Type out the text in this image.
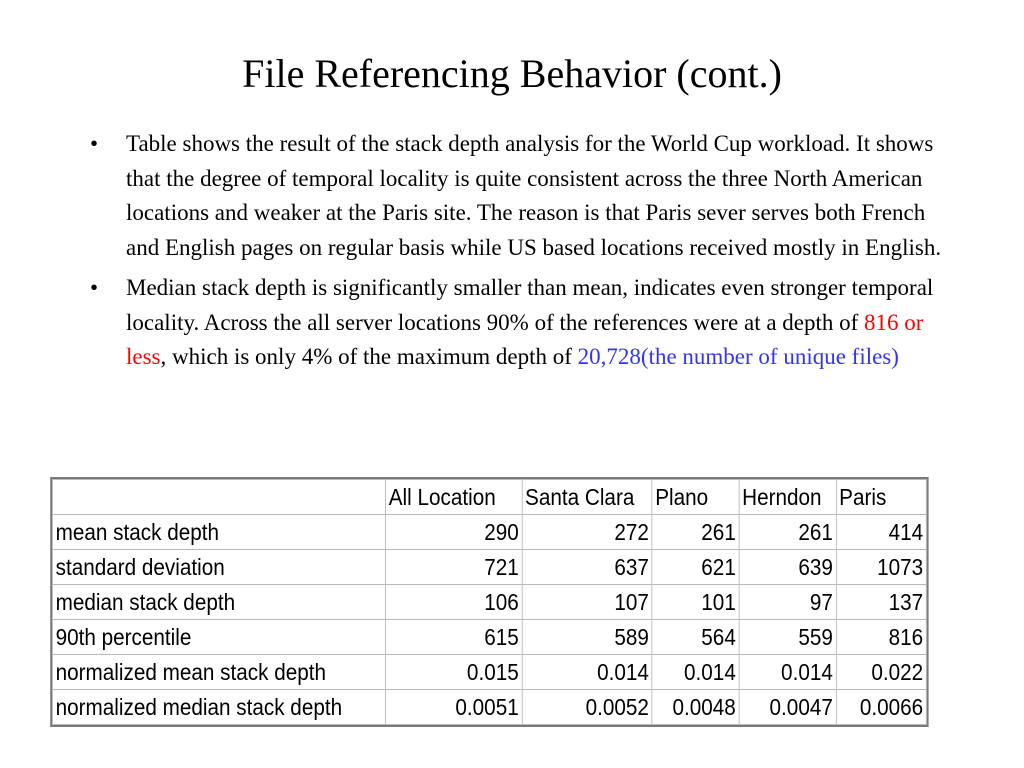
File Referencing Behavior (cont.)
• Table shows the result of the stack depth analysis for the World Cup workload. It shows that the degree of temporal locality is quite consistent across the three North American locations and weaker at the Paris site. The reason is that Paris sever serves both French and English pages on regular basis while US based locations received mostly in English.
• Median stack depth is significantly smaller than mean, indicates even stronger temporal locality. Across the all server locations 90% of the references were at a depth of 816 or less, which is only 4% of the maximum depth of 20,728(the number of unique files)
	All Location	Santa Clara	Plano	Herndon	Paris
mean stack depth	290	272	261	261	414
standard deviation	721	637	621	639	1073
median stack depth	106	107	101	97	137
90th percentile	615	589	564	559	816
normalized mean stack depth	0.015	0.014	0.014	0.014	0.022
normalized median stack depth	0.0051	0.0052	0.0048	0.0047	0.0066
